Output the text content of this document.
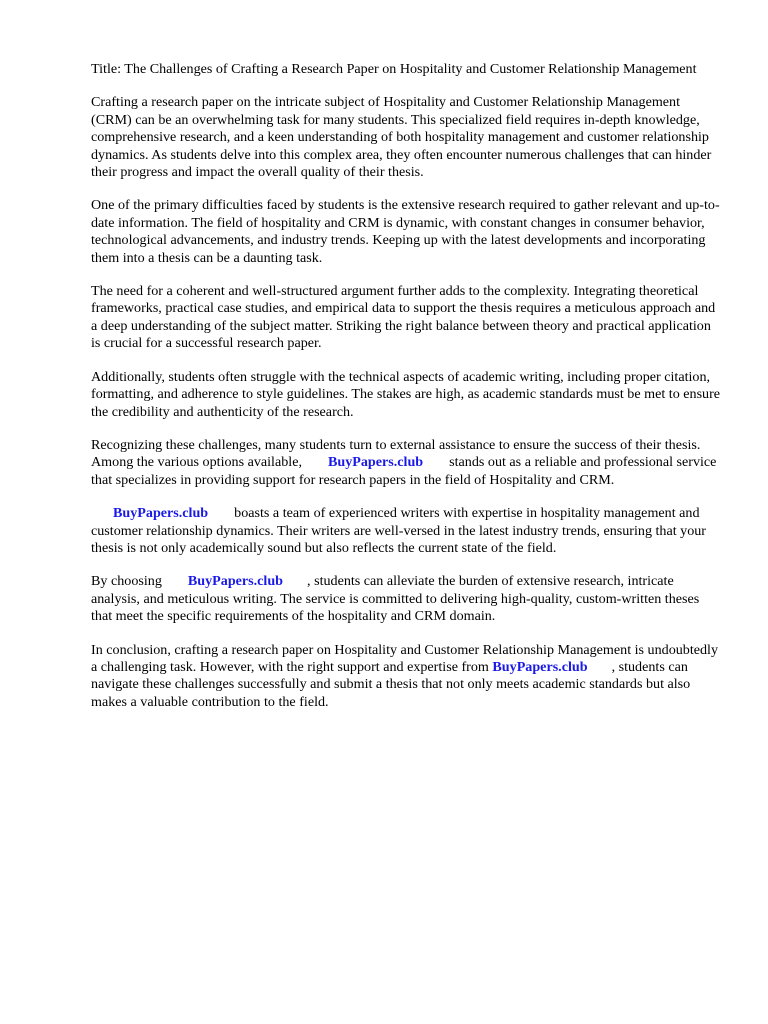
Title: The Challenges of Crafting a Research Paper on Hospitality and Customer Relationship Management

Crafting a research paper on the intricate subject of Hospitality and Customer Relationship Management (CRM) can be an overwhelming task for many students. This specialized field requires in-depth knowledge, comprehensive research, and a keen understanding of both hospitality management and customer relationship dynamics. As students delve into this complex area, they often encounter numerous challenges that can hinder their progress and impact the overall quality of their thesis.

One of the primary difficulties faced by students is the extensive research required to gather relevant and up-to-date information. The field of hospitality and CRM is dynamic, with constant changes in consumer behavior, technological advancements, and industry trends. Keeping up with the latest developments and incorporating them into a thesis can be a daunting task.

The need for a coherent and well-structured argument further adds to the complexity. Integrating theoretical frameworks, practical case studies, and empirical data to support the thesis requires a meticulous approach and a deep understanding of the subject matter. Striking the right balance between theory and practical application is crucial for a successful research paper.

Additionally, students often struggle with the technical aspects of academic writing, including proper citation, formatting, and adherence to style guidelines. The stakes are high, as academic standards must be met to ensure the credibility and authenticity of the research.

Recognizing these challenges, many students turn to external assistance to ensure the success of their thesis. Among the various options available, BuyPapers.club stands out as a reliable and professional service that specializes in providing support for research papers in the field of Hospitality and CRM.

BuyPapers.club boasts a team of experienced writers with expertise in hospitality management and customer relationship dynamics. Their writers are well-versed in the latest industry trends, ensuring that your thesis is not only academically sound but also reflects the current state of the field.

By choosing BuyPapers.club , students can alleviate the burden of extensive research, intricate analysis, and meticulous writing. The service is committed to delivering high-quality, custom-written theses that meet the specific requirements of the hospitality and CRM domain.

In conclusion, crafting a research paper on Hospitality and Customer Relationship Management is undoubtedly a challenging task. However, with the right support and expertise from BuyPapers.club , students can navigate these challenges successfully and submit a thesis that not only meets academic standards but also makes a valuable contribution to the field.
